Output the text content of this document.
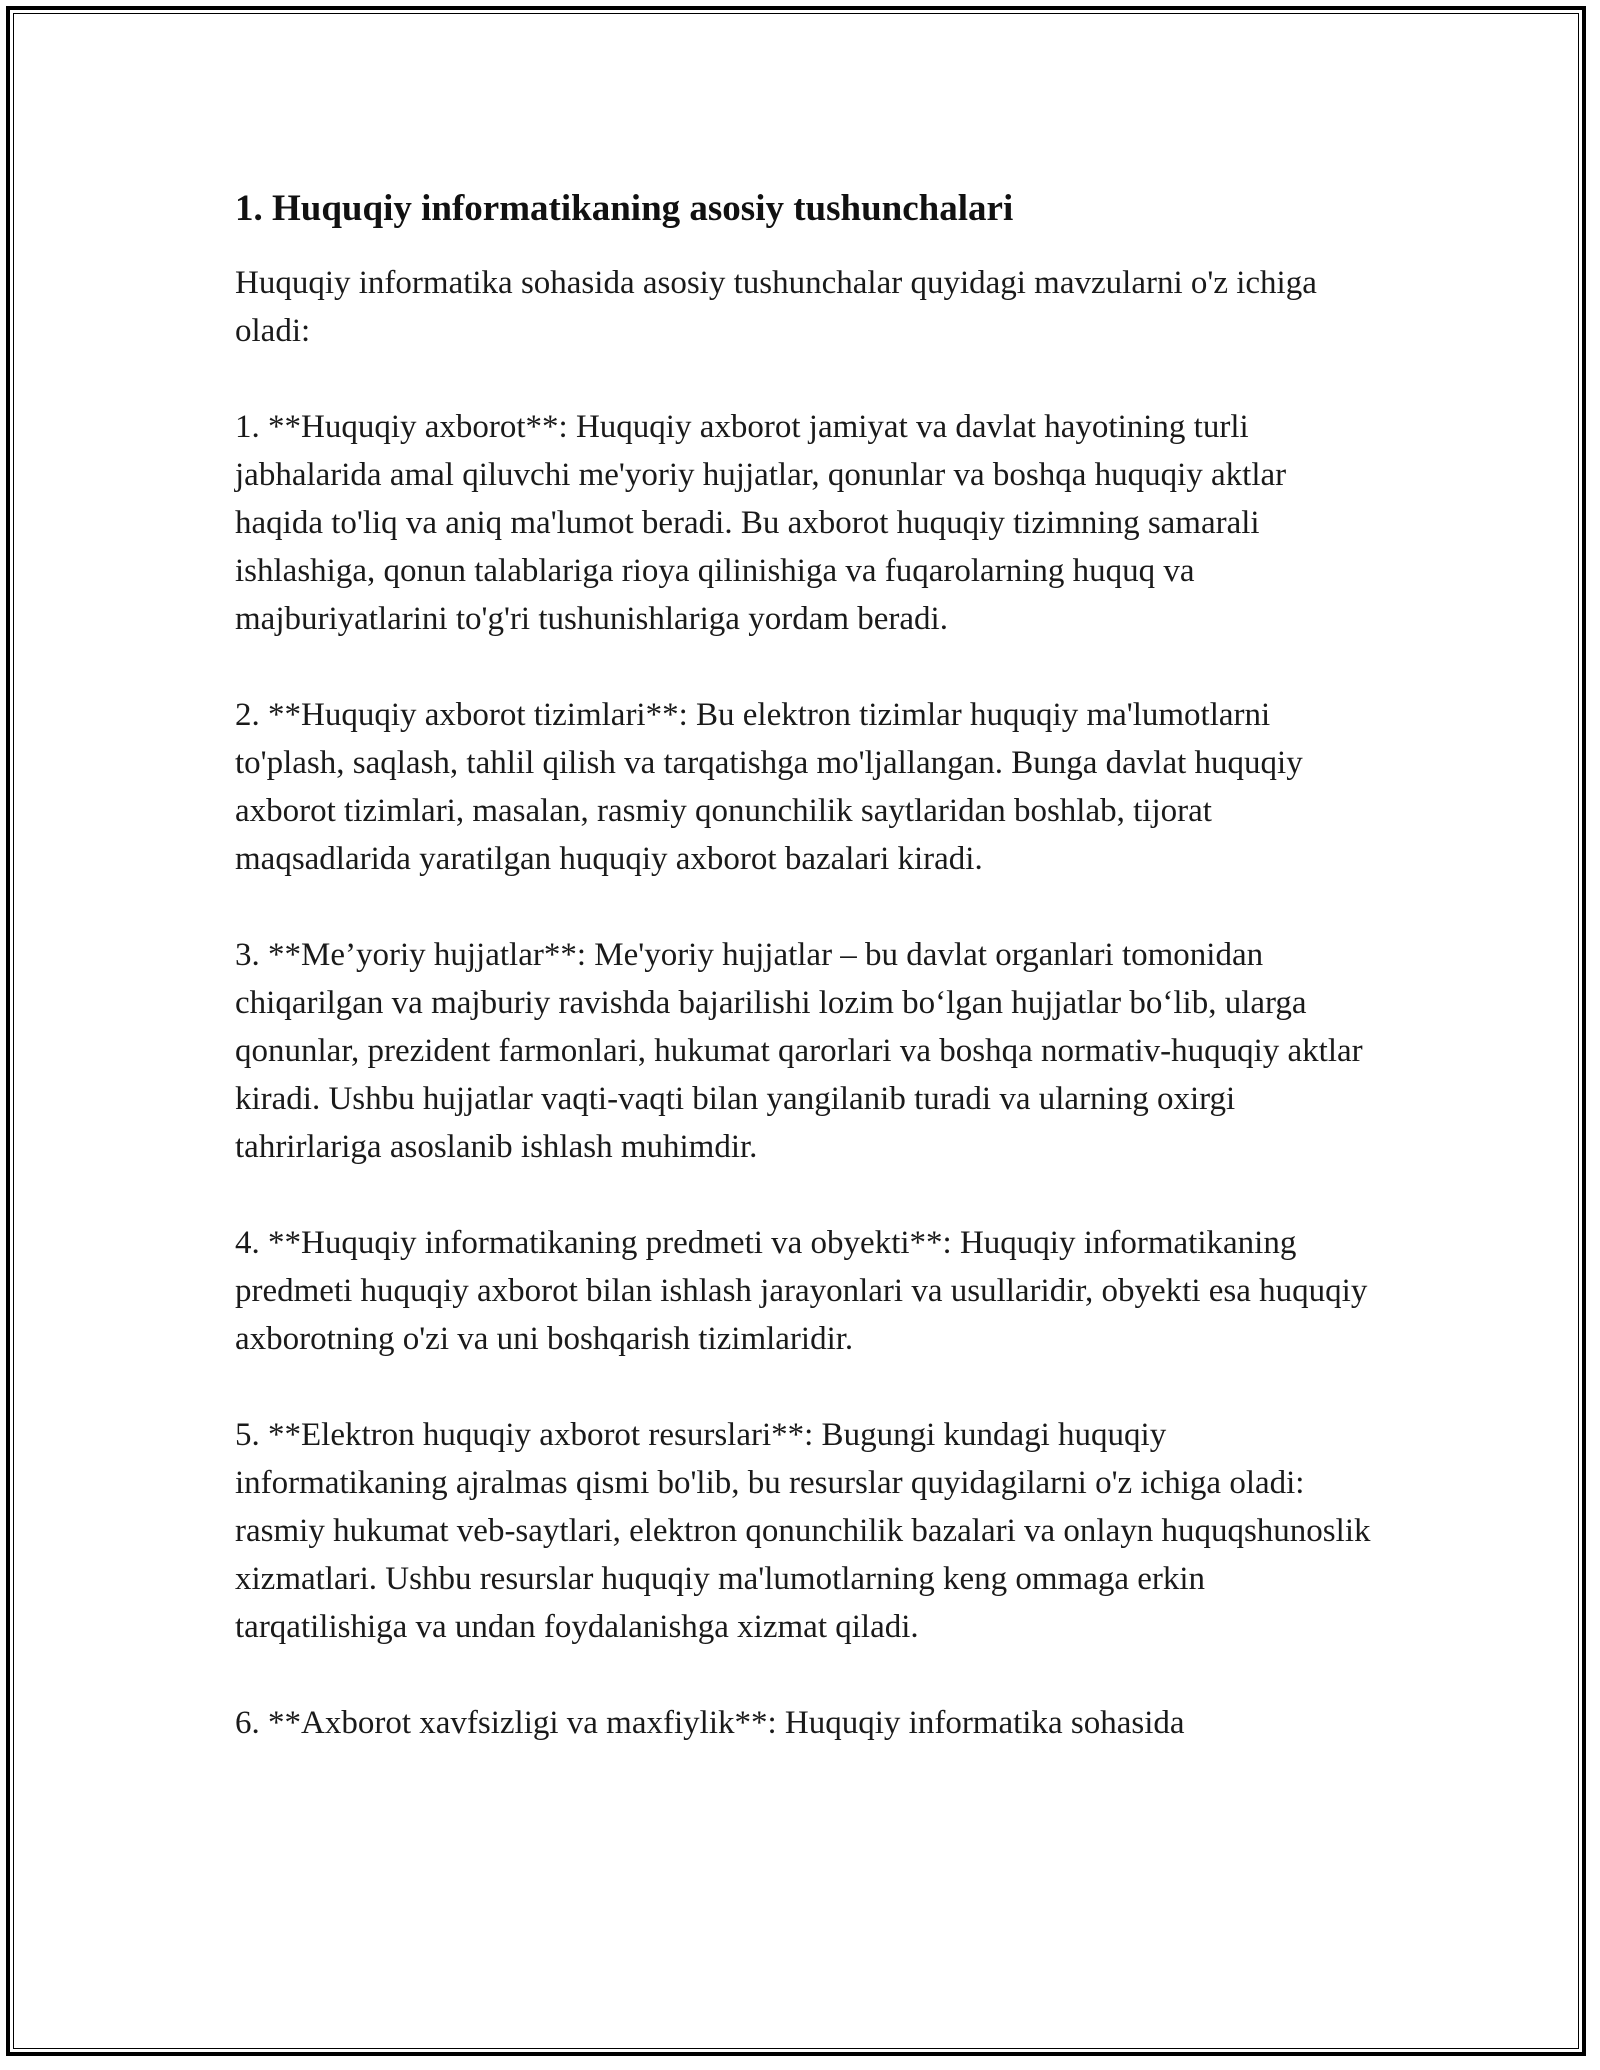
1. Huquqiy informatikaning asosiy tushunchalari

Huquqiy informatika sohasida asosiy tushunchalar quyidagi mavzularni o'z ichiga oladi:

1. **Huquqiy axborot**: Huquqiy axborot jamiyat va davlat hayotining turli jabhalarida amal qiluvchi me'yoriy hujjatlar, qonunlar va boshqa huquqiy aktlar haqida to'liq va aniq ma'lumot beradi. Bu axborot huquqiy tizimning samarali ishlashiga, qonun talablariga rioya qilinishiga va fuqarolarning huquq va majburiyatlarini to'g'ri tushunishlariga yordam beradi.

2. **Huquqiy axborot tizimlari**: Bu elektron tizimlar huquqiy ma'lumotlarni to'plash, saqlash, tahlil qilish va tarqatishga mo'ljallangan. Bunga davlat huquqiy axborot tizimlari, masalan, rasmiy qonunchilik saytlaridan boshlab, tijorat maqsadlarida yaratilgan huquqiy axborot bazalari kiradi.

3. **Me’yoriy hujjatlar**: Me'yoriy hujjatlar – bu davlat organlari tomonidan chiqarilgan va majburiy ravishda bajarilishi lozim bo‘lgan hujjatlar bo‘lib, ularga qonunlar, prezident farmonlari, hukumat qarorlari va boshqa normativ-huquqiy aktlar kiradi. Ushbu hujjatlar vaqti-vaqti bilan yangilanib turadi va ularning oxirgi tahrirlariga asoslanib ishlash muhimdir.

4. **Huquqiy informatikaning predmeti va obyekti**: Huquqiy informatikaning predmeti huquqiy axborot bilan ishlash jarayonlari va usullaridir, obyekti esa huquqiy axborotning o'zi va uni boshqarish tizimlaridir.

5. **Elektron huquqiy axborot resurslari**: Bugungi kundagi huquqiy informatikaning ajralmas qismi bo'lib, bu resurslar quyidagilarni o'z ichiga oladi: rasmiy hukumat veb-saytlari, elektron qonunchilik bazalari va onlayn huquqshunoslik xizmatlari. Ushbu resurslar huquqiy ma'lumotlarning keng ommaga erkin tarqatilishiga va undan foydalanishga xizmat qiladi.

6. **Axborot xavfsizligi va maxfiylik**: Huquqiy informatika sohasida
